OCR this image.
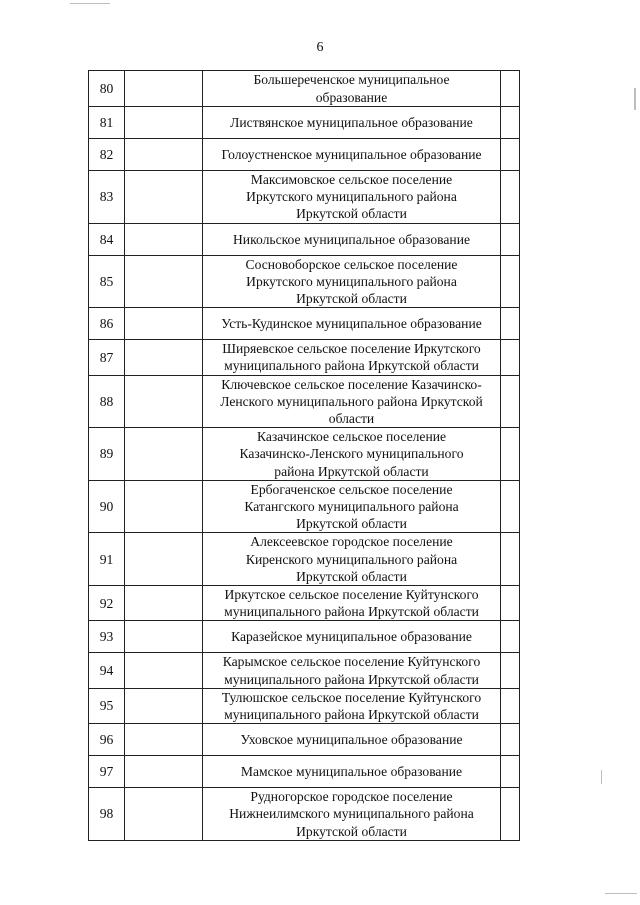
6
80		Большереченское муниципальное
образование	

81		Листвянское муниципальное образование	

82		Голоустненское муниципальное образование	

83		Максимовское сельское поселение
Иркутского муниципального района
Иркутской области	

84		Никольское муниципальное образование	

85		Сосновоборское сельское поселение
Иркутского муниципального района
Иркутской области	

86		Усть-Кудинское муниципальное образование	

87		Ширяевское сельское поселение Иркутского
муниципального района Иркутской области	

88		Ключевское сельское поселение Казачинско-
Ленского муниципального района Иркутской
области	

89		Казачинское сельское поселение
Казачинско-Ленского муниципального
района Иркутской области	

90		Ербогаченское сельское поселение
Катангского муниципального района
Иркутской области	

91		Алексеевское городское поселение
Киренского муниципального района
Иркутской области	

92		Иркутское сельское поселение Куйтунского
муниципального района Иркутской области	

93		Каразейское муниципальное образование	

94		Карымское сельское поселение Куйтунского
муниципального района Иркутской области	

95		Тулюшское сельское поселение Куйтунского
муниципального района Иркутской области	

96		Уховское муниципальное образование	

97		Мамское муниципальное образование	

98		Рудногорское городское поселение
Нижнеилимского муниципального района
Иркутской области	
